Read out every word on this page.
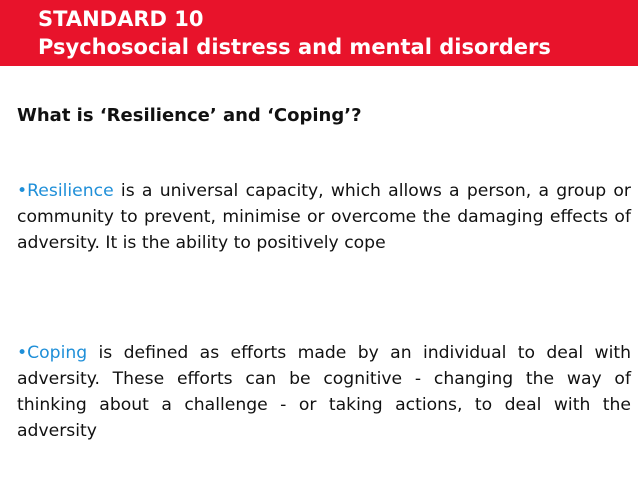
STANDARD 10
Psychosocial distress and mental disorders
What is ‘Resilience’ and ‘Coping’?
•Resilience is a universal capacity, which allows a person, a group or community to prevent, minimise or overcome the damaging effects of adversity. It is the ability to positively cope
•Coping is defined as efforts made by an individual to deal with adversity. These efforts can be cognitive - changing the way of thinking about a challenge - or taking actions, to deal with the adversity
